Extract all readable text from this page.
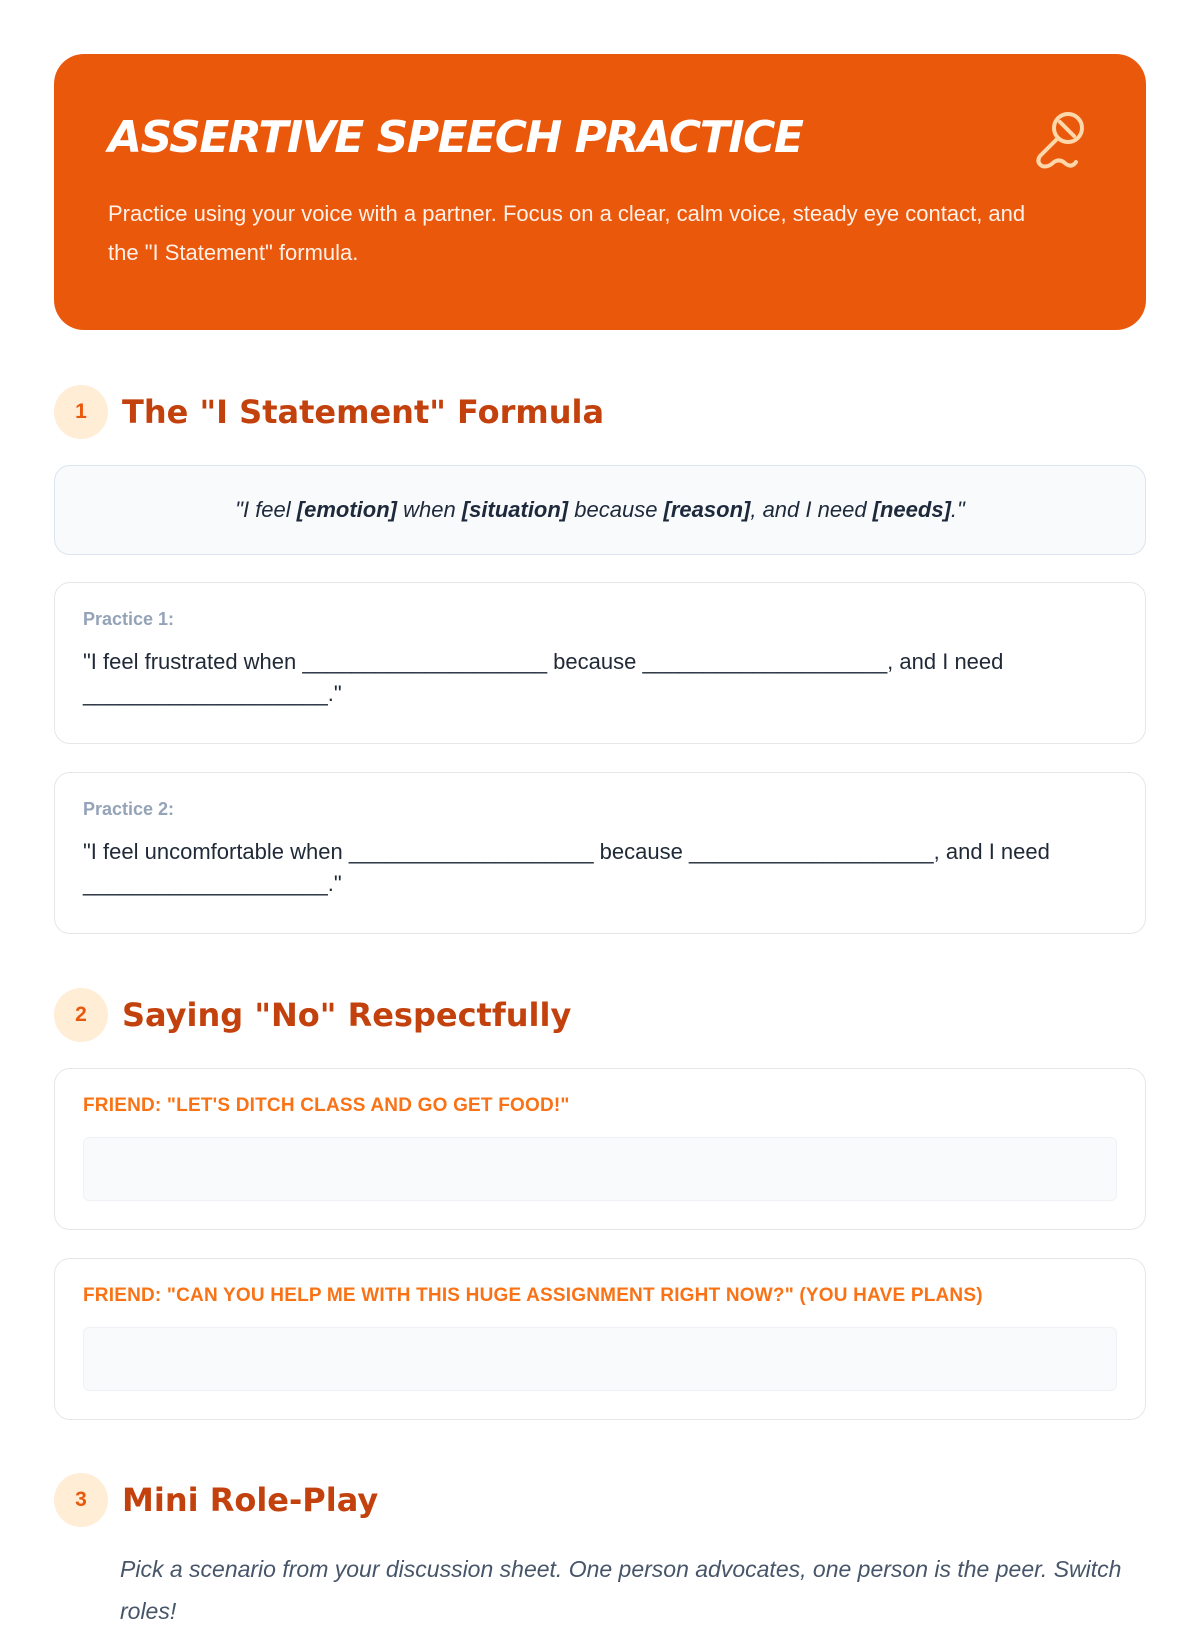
ASSERTIVE SPEECH PRACTICE

Practice using your voice with a partner. Focus on a clear, calm voice, steady eye contact, and the "I Statement" formula.

1	The "I Statement" Formula
"I feel [emotion] when [situation] because [reason], and I need [needs]."

Practice 1:

"I feel frustrated when ____________________ because ____________________, and I need ____________________."

Practice 2:

"I feel uncomfortable when ____________________ because ____________________, and I need ____________________."

2	Saying "No" Respectfully

FRIEND: "LET'S DITCH CLASS AND GO GET FOOD!"

FRIEND: "CAN YOU HELP ME WITH THIS HUGE ASSIGNMENT RIGHT NOW?" (YOU HAVE PLANS)

3	Mini Role-Play

Pick a scenario from your discussion sheet. One person advocates, one person is the peer. Switch roles!
